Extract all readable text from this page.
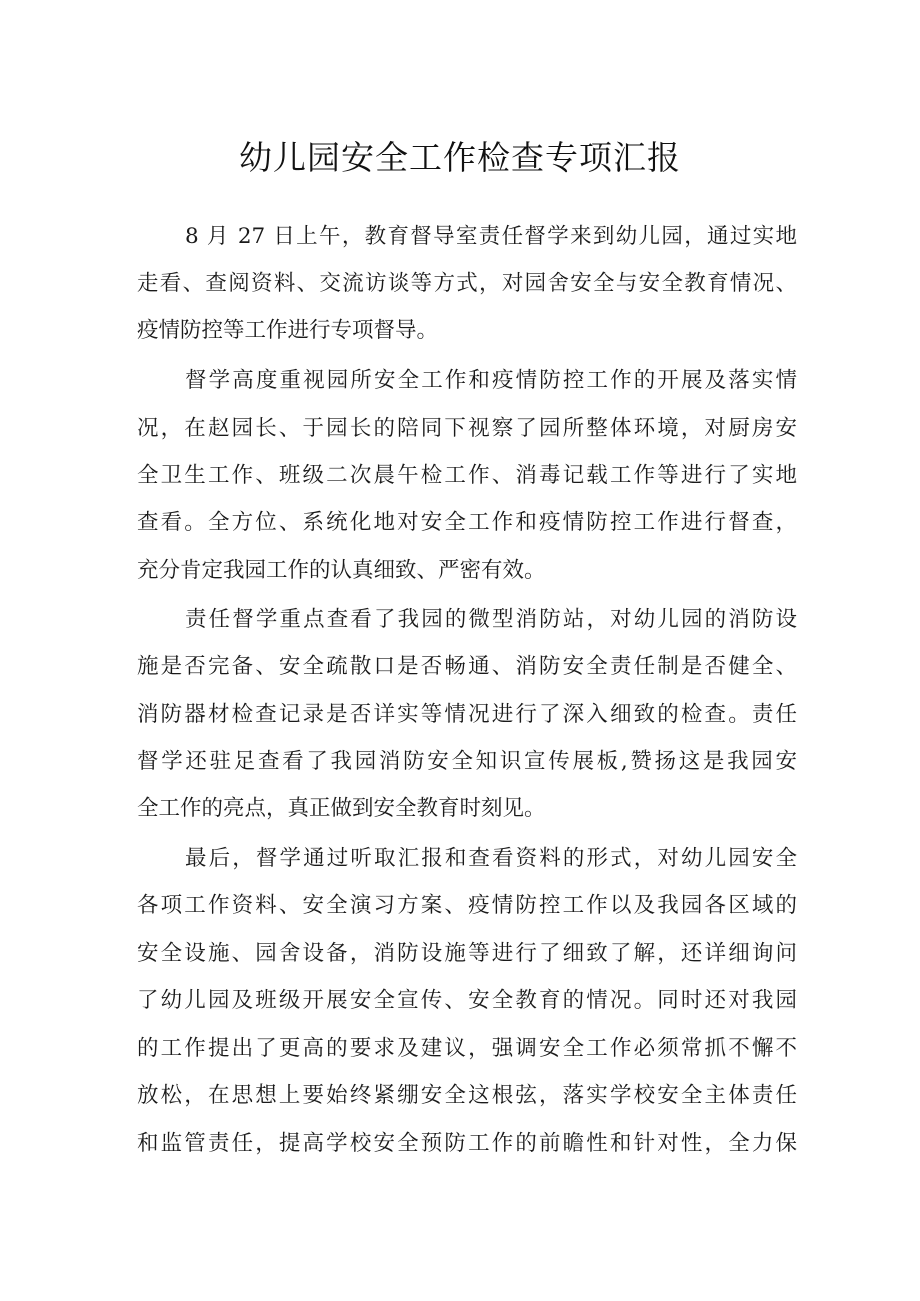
幼儿园安全工作检查专项汇报
8 月 27 日上午，教育督导室责任督学来到幼儿园，通过实地
走看、查阅资料、交流访谈等方式，对园舍安全与安全教育情况、
疫情防控等工作进行专项督导。
督学高度重视园所安全工作和疫情防控工作的开展及落实情
况，在赵园长、于园长的陪同下视察了园所整体环境，对厨房安
全卫生工作、班级二次晨午检工作、消毒记载工作等进行了实地
查看。全方位、系统化地对安全工作和疫情防控工作进行督查，
充分肯定我园工作的认真细致、严密有效。
责任督学重点查看了我园的微型消防站，对幼儿园的消防设
施是否完备、安全疏散口是否畅通、消防安全责任制是否健全、
消防器材检查记录是否详实等情况进行了深入细致的检查。责任
督学还驻足查看了我园消防安全知识宣传展板,赞扬这是我园安
全工作的亮点，真正做到安全教育时刻见。
最后，督学通过听取汇报和查看资料的形式，对幼儿园安全
各项工作资料、安全演习方案、疫情防控工作以及我园各区域的
安全设施、园舍设备，消防设施等进行了细致了解，还详细询问
了幼儿园及班级开展安全宣传、安全教育的情况。同时还对我园
的工作提出了更高的要求及建议，强调安全工作必须常抓不懈不
放松，在思想上要始终紧绷安全这根弦，落实学校安全主体责任
和监管责任，提高学校安全预防工作的前瞻性和针对性，全力保
